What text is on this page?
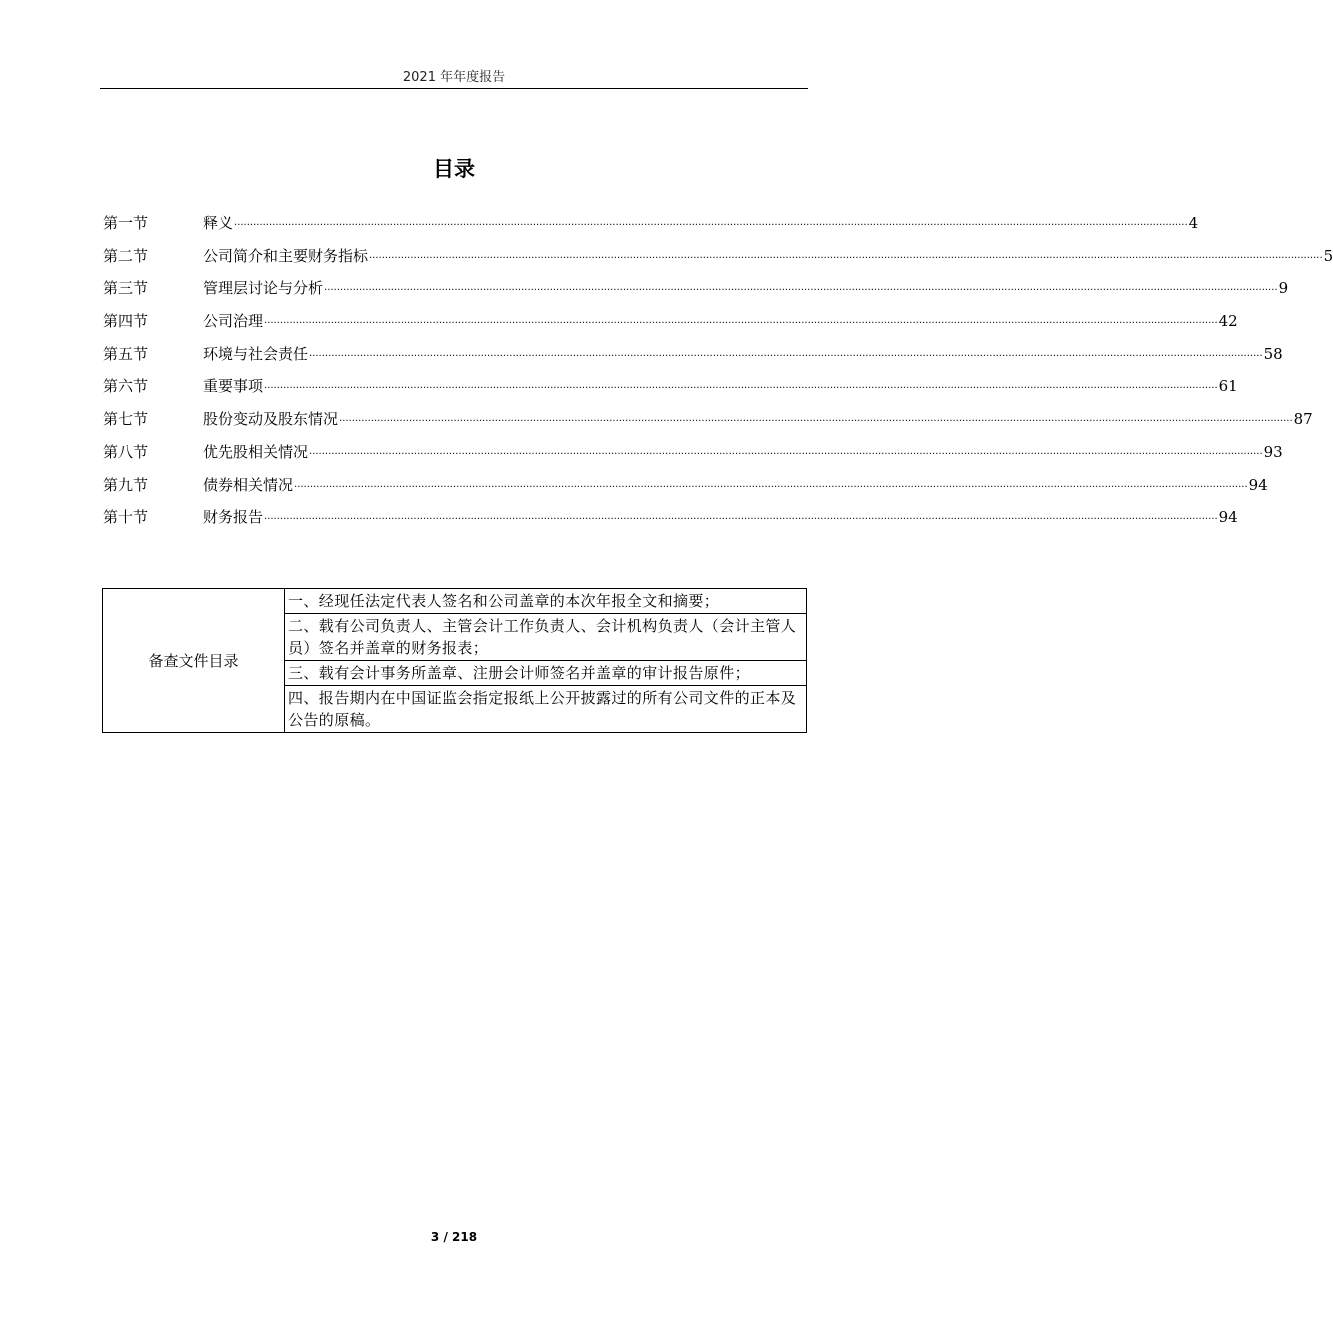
2021 年年度报告
目录
第一节	释义 ............................................................................................................................................................................................................................................................................................................ 4
第二节	公司简介和主要财务指标 ............................................................................................................................................................................................................................................................................................................ 5
第三节	管理层讨论与分析 ............................................................................................................................................................................................................................................................................................................ 9
第四节	公司治理 ............................................................................................................................................................................................................................................................................................................ 42
第五节	环境与社会责任 ............................................................................................................................................................................................................................................................................................................ 58
第六节	重要事项 ............................................................................................................................................................................................................................................................................................................ 61
第七节	股份变动及股东情况 ............................................................................................................................................................................................................................................................................................................ 87
第八节	优先股相关情况 ............................................................................................................................................................................................................................................................................................................ 93
第九节	债券相关情况 ............................................................................................................................................................................................................................................................................................................ 94
第十节	财务报告 ............................................................................................................................................................................................................................................................................................................ 94
备查文件目录	一、经现任法定代表人签名和公司盖章的本次年报全文和摘要；
二、载有公司负责人、主管会计工作负责人、会计机构负责人（会计主管人员）签名并盖章的财务报表；
三、载有会计事务所盖章、注册会计师签名并盖章的审计报告原件；
四、报告期内在中国证监会指定报纸上公开披露过的所有公司文件的正本及公告的原稿。
3 / 218
